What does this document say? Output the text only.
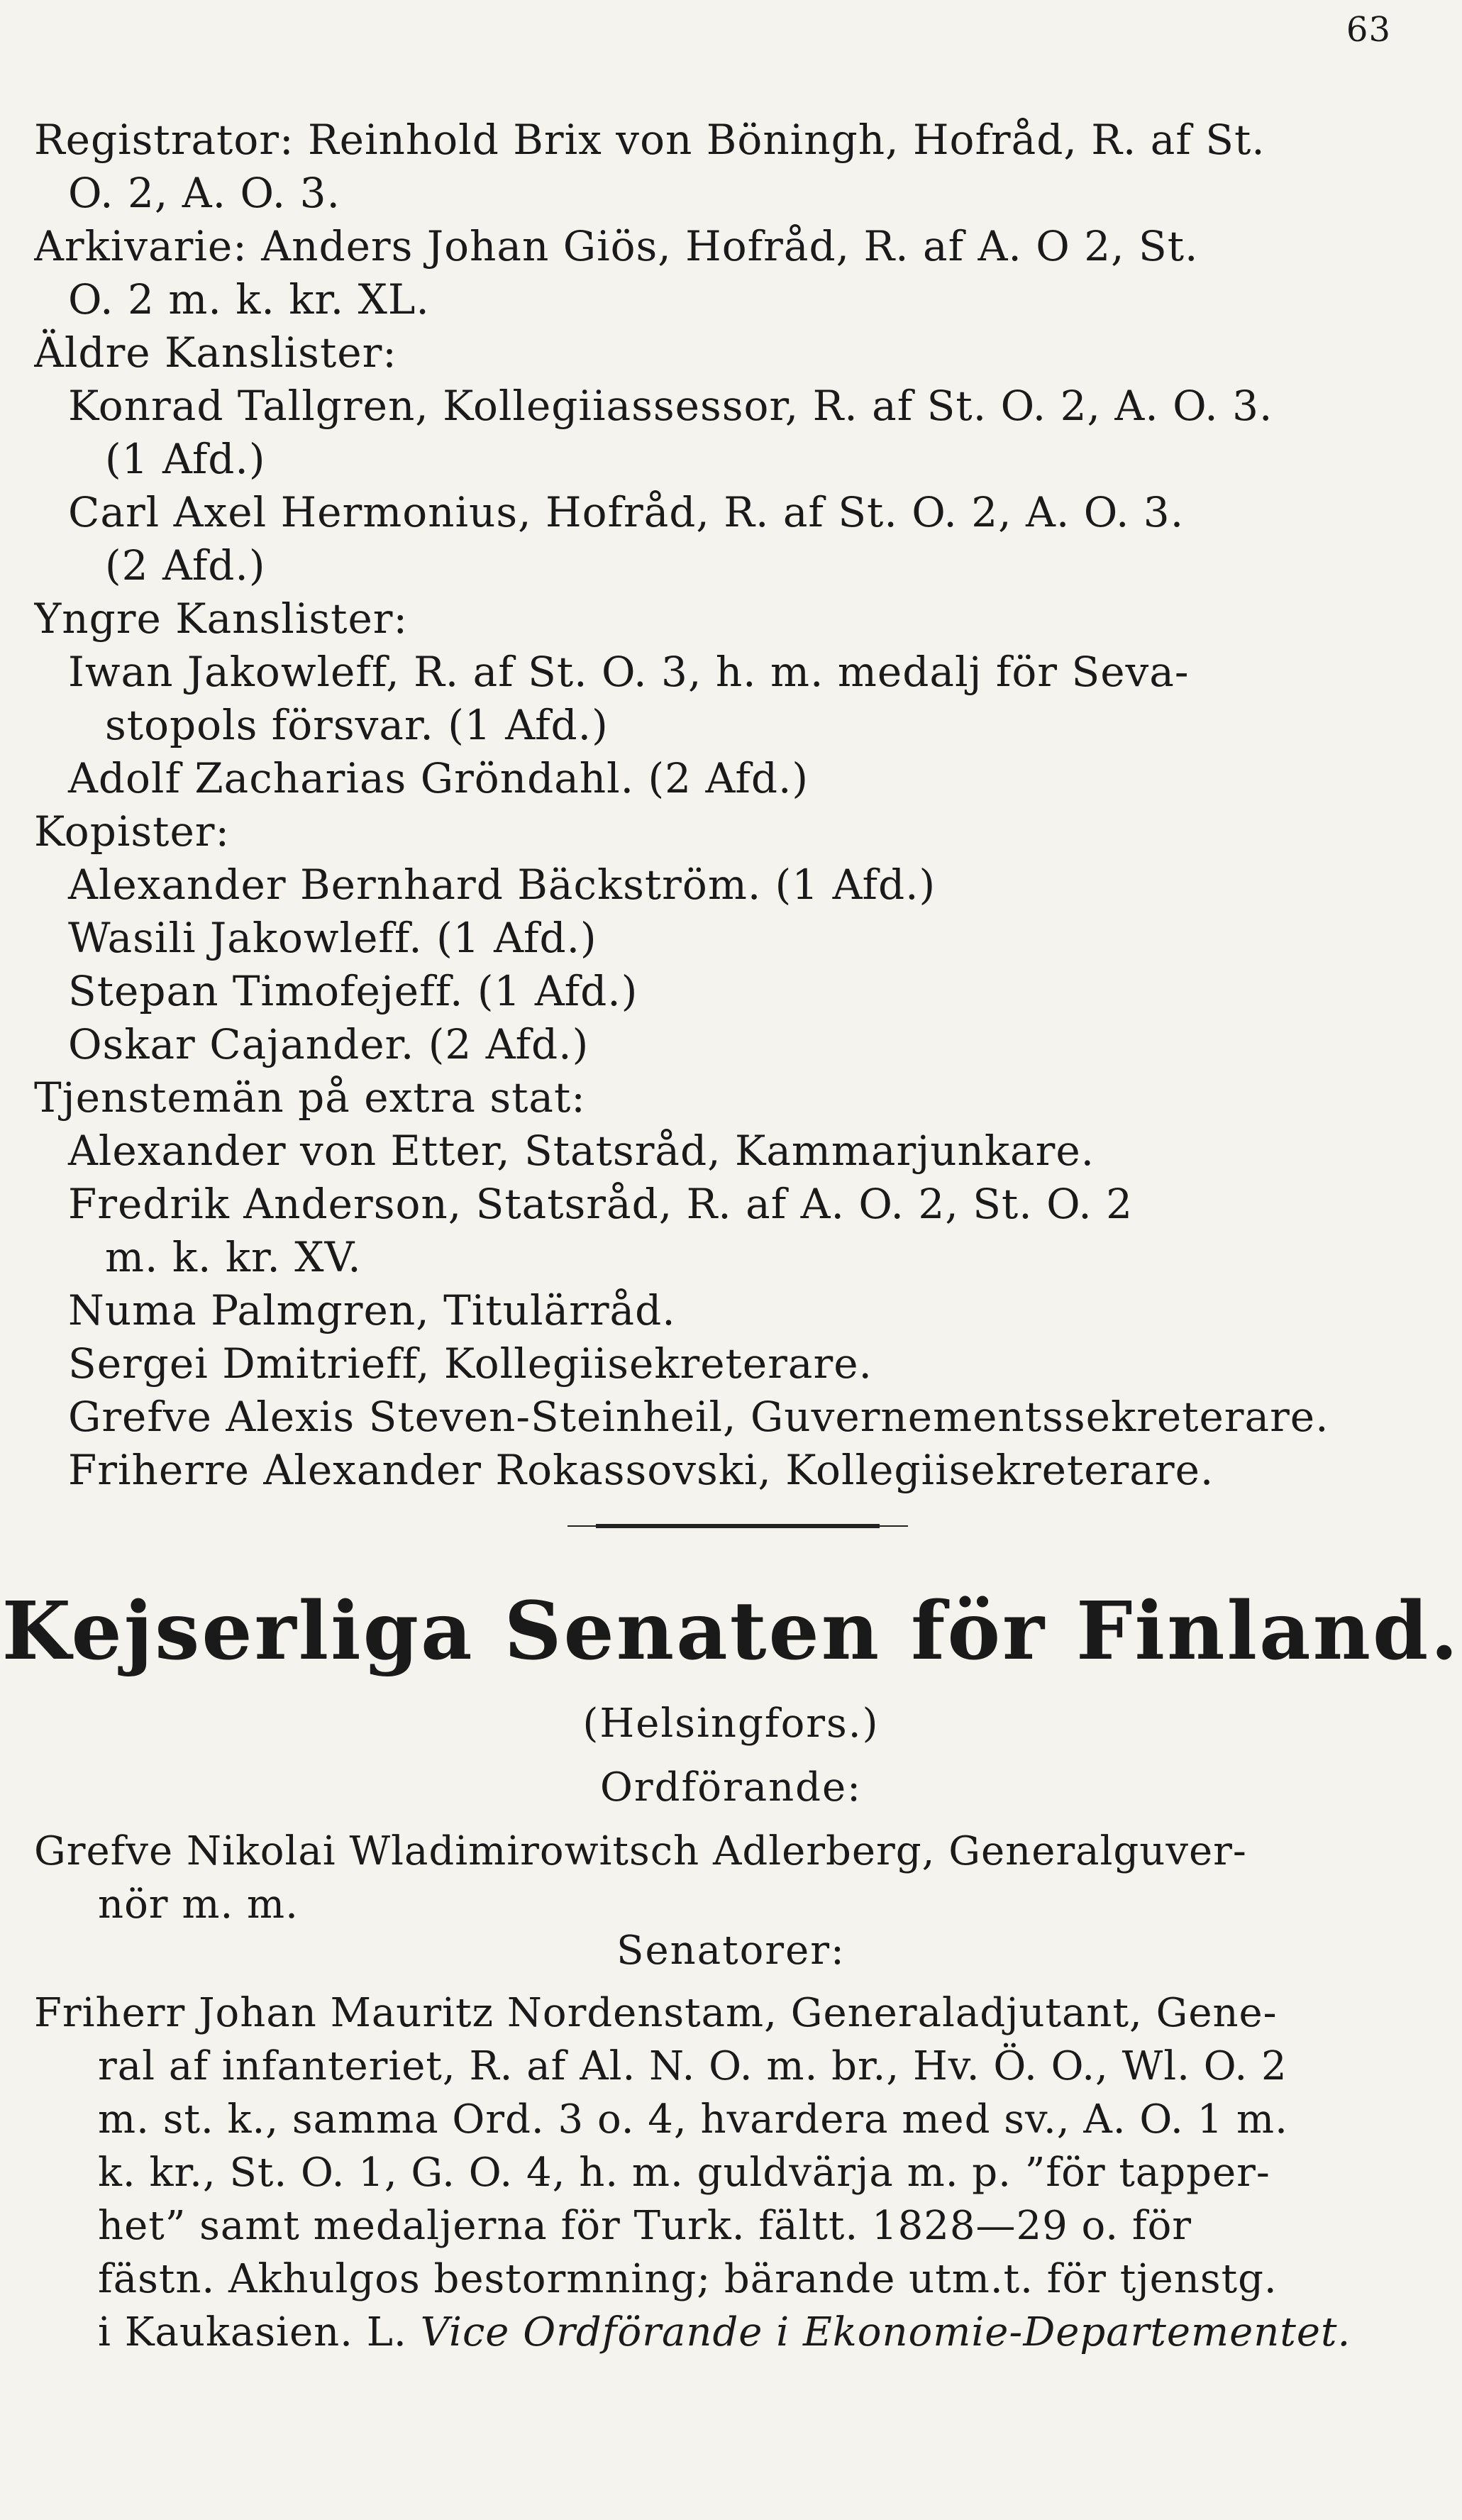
63
Registrator: Reinhold Brix von Böningh, Hofråd, R. af St.
O. 2, A. O. 3.
Arkivarie: Anders Johan Giös, Hofråd, R. af A. O 2, St.
O. 2 m. k. kr. XL.
Äldre Kanslister:
Konrad Tallgren, Kollegiiassessor, R. af St. O. 2, A. O. 3.
(1 Afd.)
Carl Axel Hermonius, Hofråd, R. af St. O. 2, A. O. 3.
(2 Afd.)
Yngre Kanslister:
Iwan Jakowleff, R. af St. O. 3, h. m. medalj för Seva-
stopols försvar. (1 Afd.)
Adolf Zacharias Gröndahl. (2 Afd.)
Kopister:
Alexander Bernhard Bäckström. (1 Afd.)
Wasili Jakowleff. (1 Afd.)
Stepan Timofejeff. (1 Afd.)
Oskar Cajander. (2 Afd.)
Tjenstemän på extra stat:
Alexander von Etter, Statsråd, Kammarjunkare.
Fredrik Anderson, Statsråd, R. af A. O. 2, St. O. 2
m. k. kr. XV.
Numa Palmgren, Titulärråd.
Sergei Dmitrieff, Kollegiisekreterare.
Grefve Alexis Steven-Steinheil, Guvernementssekreterare.
Friherre Alexander Rokassovski, Kollegiisekreterare.
Kejserliga Senaten för Finland.
(Helsingfors.)
Ordförande:
Grefve Nikolai Wladimirowitsch Adlerberg, Generalguver-
nör m. m.
Senatorer:
Friherr Johan Mauritz Nordenstam, Generaladjutant, Gene-
ral af infanteriet, R. af Al. N. O. m. br., Hv. Ö. O., Wl. O. 2
m. st. k., samma Ord. 3 o. 4, hvardera med sv., A. O. 1 m.
k. kr., St. O. 1, G. O. 4, h. m. guldvärja m. p. ”för tapper-
het” samt medaljerna för Turk. fältt. 1828—29 o. för
fästn. Akhulgos bestormning; bärande utm.t. för tjenstg.
i Kaukasien. L. Vice Ordförande i Ekonomie-Departementet.
